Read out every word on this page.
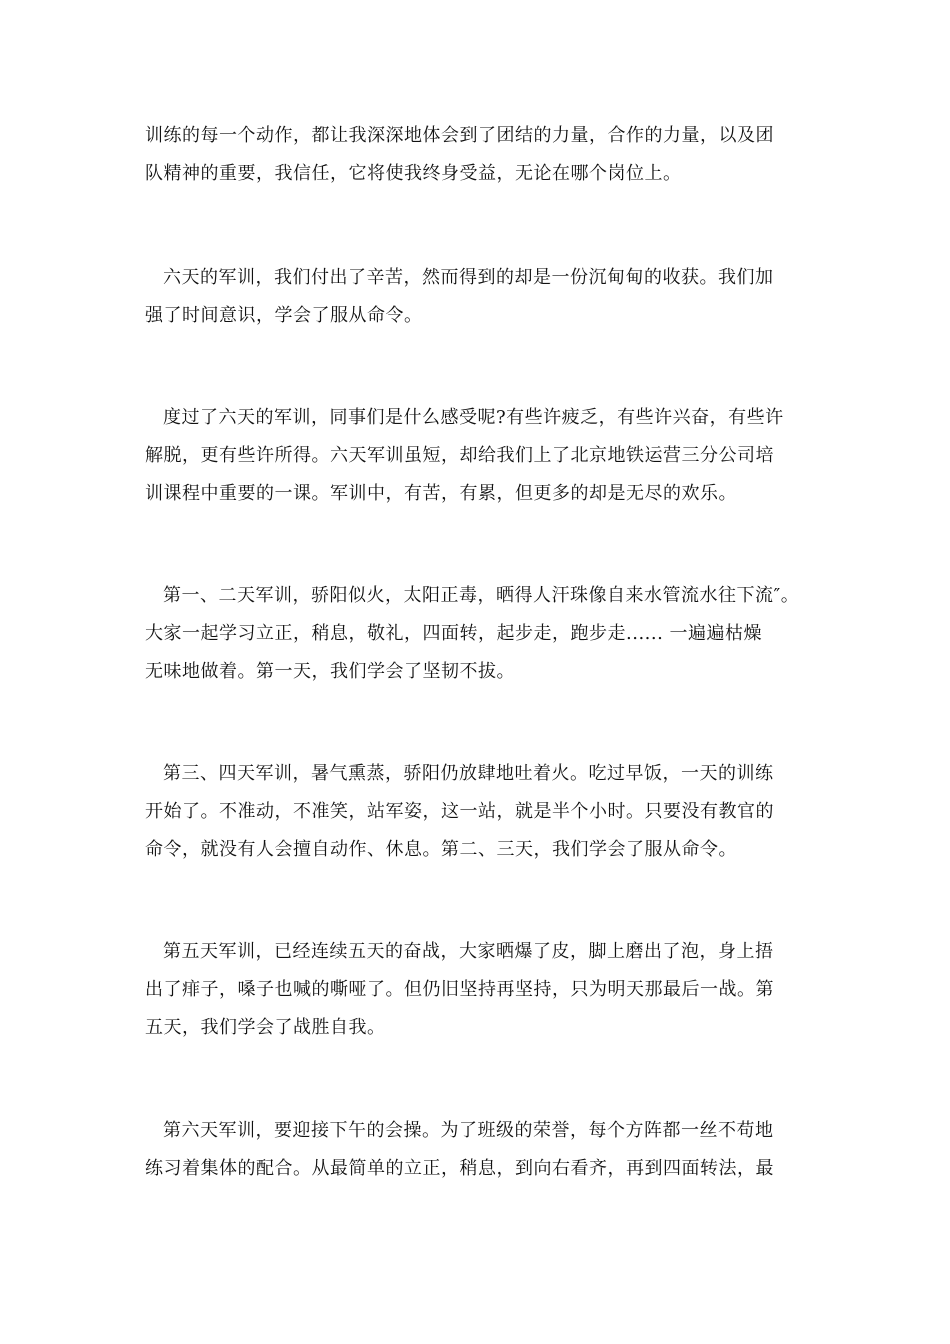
训练的每一个动作，都让我深深地体会到了团结的力量，合作的力量，以及团
队精神的重要，我信任，它将使我终身受益，无论在哪个岗位上。
六天的军训，我们付出了辛苦，然而得到的却是一份沉甸甸的收获。我们加
强了时间意识，学会了服从命令。
度过了六天的军训，同事们是什么感受呢?有些许疲乏，有些许兴奋，有些许
解脱，更有些许所得。六天军训虽短，却给我们上了北京地铁运营三分公司培
训课程中重要的一课。军训中，有苦，有累，但更多的却是无尽的欢乐。
第一、二天军训，骄阳似火，太阳正毒，晒得人汗珠像自来水管流水往下流″。
大家一起学习立正，稍息，敬礼，四面转，起步走，跑步走...... 一遍遍枯燥
无味地做着。第一天，我们学会了坚韧不拔。
第三、四天军训，暑气熏蒸，骄阳仍放肆地吐着火。吃过早饭，一天的训练
开始了。不准动，不准笑，站军姿，这一站，就是半个小时。只要没有教官的
命令，就没有人会擅自动作、休息。第二、三天，我们学会了服从命令。
第五天军训，已经连续五天的奋战，大家晒爆了皮，脚上磨出了泡，身上捂
出了痱子，嗓子也喊的嘶哑了。但仍旧坚持再坚持，只为明天那最后一战。第
五天，我们学会了战胜自我。
第六天军训，要迎接下午的会操。为了班级的荣誉，每个方阵都一丝不苟地
练习着集体的配合。从最简单的立正，稍息，到向右看齐，再到四面转法，最
